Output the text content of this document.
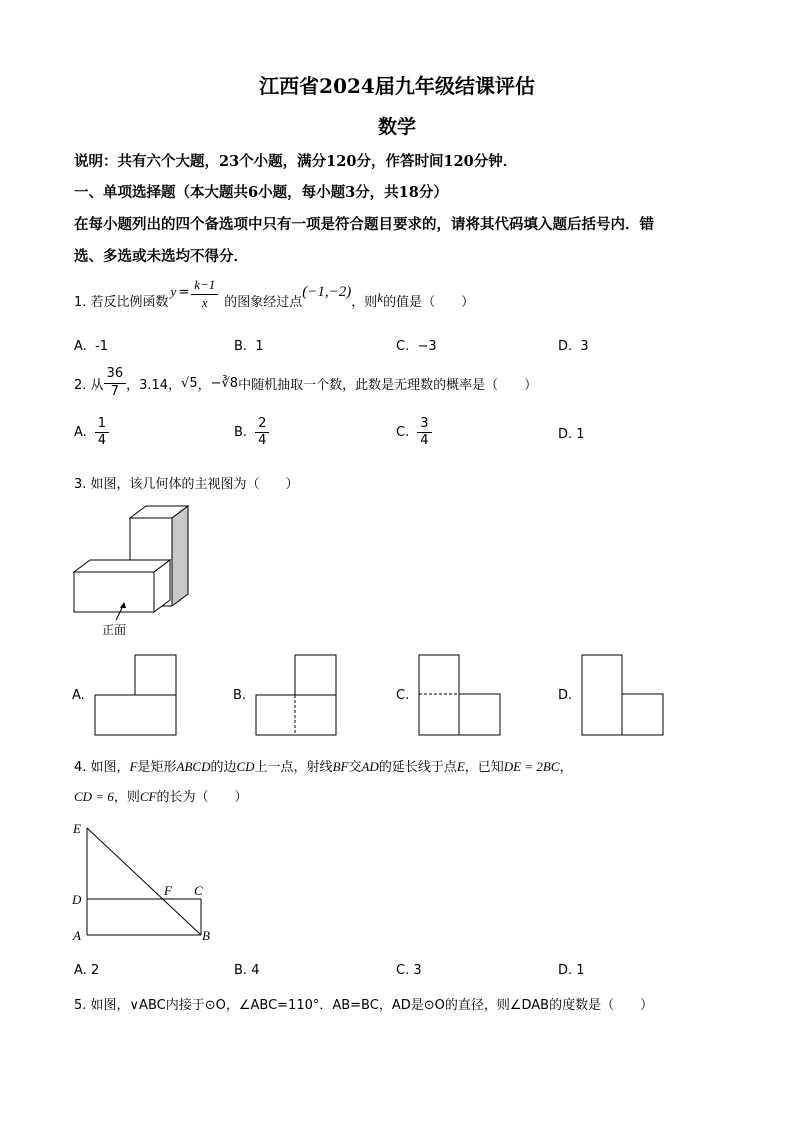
江西省2024届九年级结课评估
数学
说明：共有六个大题，23个小题，满分120分，作答时间120分钟．
一、单项选择题（本大题共6小题，每小题3分，共18分）
在每小题列出的四个备选项中只有一项是符合题目要求的，请将其代码填入题后括号内．错
选、多选或未选均不得分．
1. 若反比例函数
$y = \frac{k-1}{x}$ 的图象经过点
(−1,−2)
，则 k 的值是（　　）
A. -1	B. 1	C. −3	D. 3
2. 从 $\frac{36}{7}$ ，3.14， √5 ， −∛8 中随机抽取一个数，此数是无理数的概率是（　　）
A. $\frac{1}{4}$	B. $\frac{2}{4}$	C. $\frac{3}{4}$	D. 1
3. 如图，该几何体的主视图为（　　）
正面
A.	B.	C.	D.
4. 如图，F是矩形ABCD的边CD上一点，射线BF交AD的延长线于点E，已知DE = 2BC，
CD = 6，则CF的长为（　　）
E
D
A
F C
B
A. 2	B. 4	C. 3	D. 1
5. 如图，∨ABC内接于⊙O，∠ABC=110°．AB=BC，AD是⊙O的直径，则∠DAB的度数是（　　）
